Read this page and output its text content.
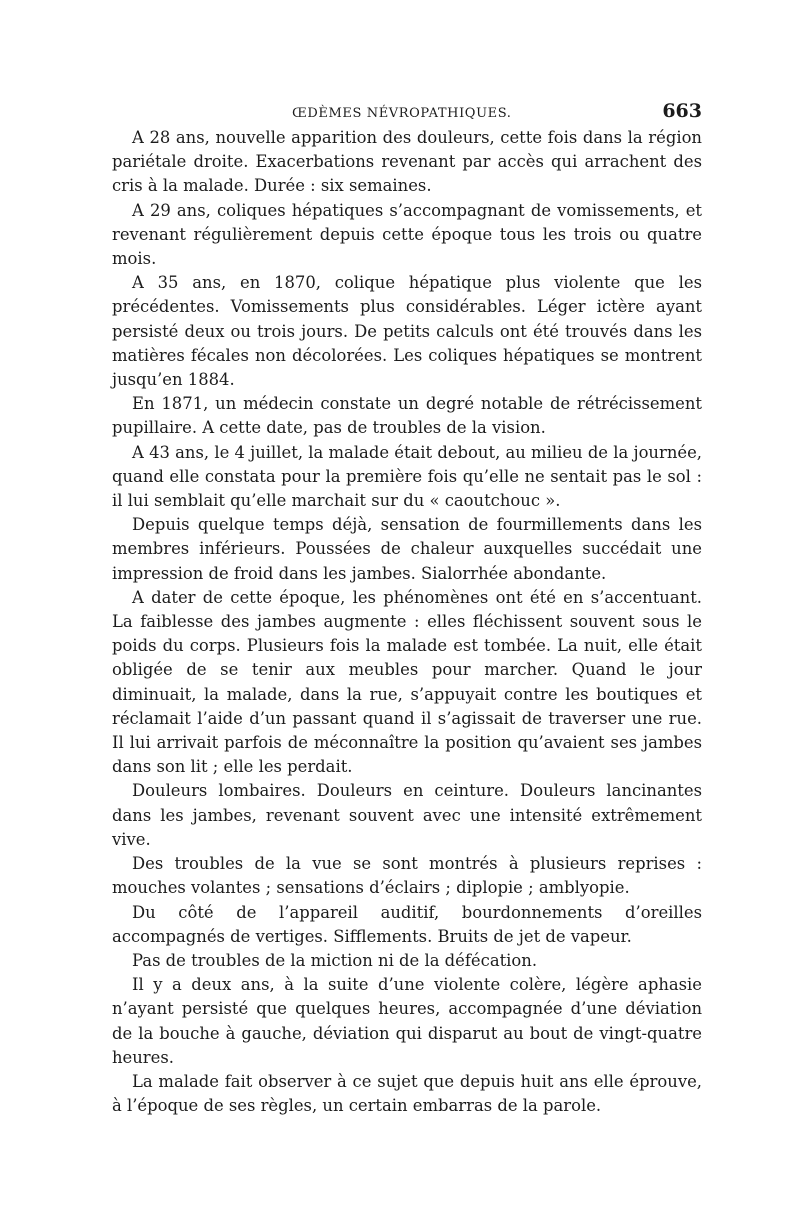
ŒDÈMES NÉVROPATHIQUES.	663

A 28 ans, nouvelle apparition des douleurs, cette fois dans la région pariétale droite. Exacerbations revenant par accès qui arrachent des cris à la malade. Durée : six semaines.

A 29 ans, coliques hépatiques s’accompagnant de vomissements, et revenant régulièrement depuis cette époque tous les trois ou quatre mois.

A 35 ans, en 1870, colique hépatique plus violente que les précédentes. Vomissements plus considérables. Léger ictère ayant persisté deux ou trois jours. De petits calculs ont été trouvés dans les matières fécales non décolorées. Les coliques hépatiques se montrent jusqu’en 1884.

En 1871, un médecin constate un degré notable de rétrécissement pupillaire. A cette date, pas de troubles de la vision.

A 43 ans, le 4 juillet, la malade était debout, au milieu de la journée, quand elle constata pour la première fois qu’elle ne sentait pas le sol : il lui semblait qu’elle marchait sur du « caoutchouc ».

Depuis quelque temps déjà, sensation de fourmillements dans les membres inférieurs. Poussées de chaleur auxquelles succédait une impression de froid dans les jambes. Sialorrhée abondante.

A dater de cette époque, les phénomènes ont été en s’accentuant. La faiblesse des jambes augmente : elles fléchissent souvent sous le poids du corps. Plusieurs fois la malade est tombée. La nuit, elle était obligée de se tenir aux meubles pour marcher. Quand le jour diminuait, la malade, dans la rue, s’appuyait contre les boutiques et réclamait l’aide d’un passant quand il s’agissait de traverser une rue. Il lui arrivait parfois de méconnaître la position qu’avaient ses jambes dans son lit ; elle les perdait.

Douleurs lombaires. Douleurs en ceinture. Douleurs lancinantes dans les jambes, revenant souvent avec une intensité extrêmement vive.

Des troubles de la vue se sont montrés à plusieurs reprises : mouches volantes ; sensations d’éclairs ; diplopie ; amblyopie.

Du côté de l’appareil auditif, bourdonnements d’oreilles accompagnés de vertiges. Sifflements. Bruits de jet de vapeur.

Pas de troubles de la miction ni de la défécation.

Il y a deux ans, à la suite d’une violente colère, légère aphasie n’ayant persisté que quelques heures, accompagnée d’une déviation de la bouche à gauche, déviation qui disparut au bout de vingt-quatre heures.

La malade fait observer à ce sujet que depuis huit ans elle éprouve, à l’époque de ses règles, un certain embarras de la parole.
